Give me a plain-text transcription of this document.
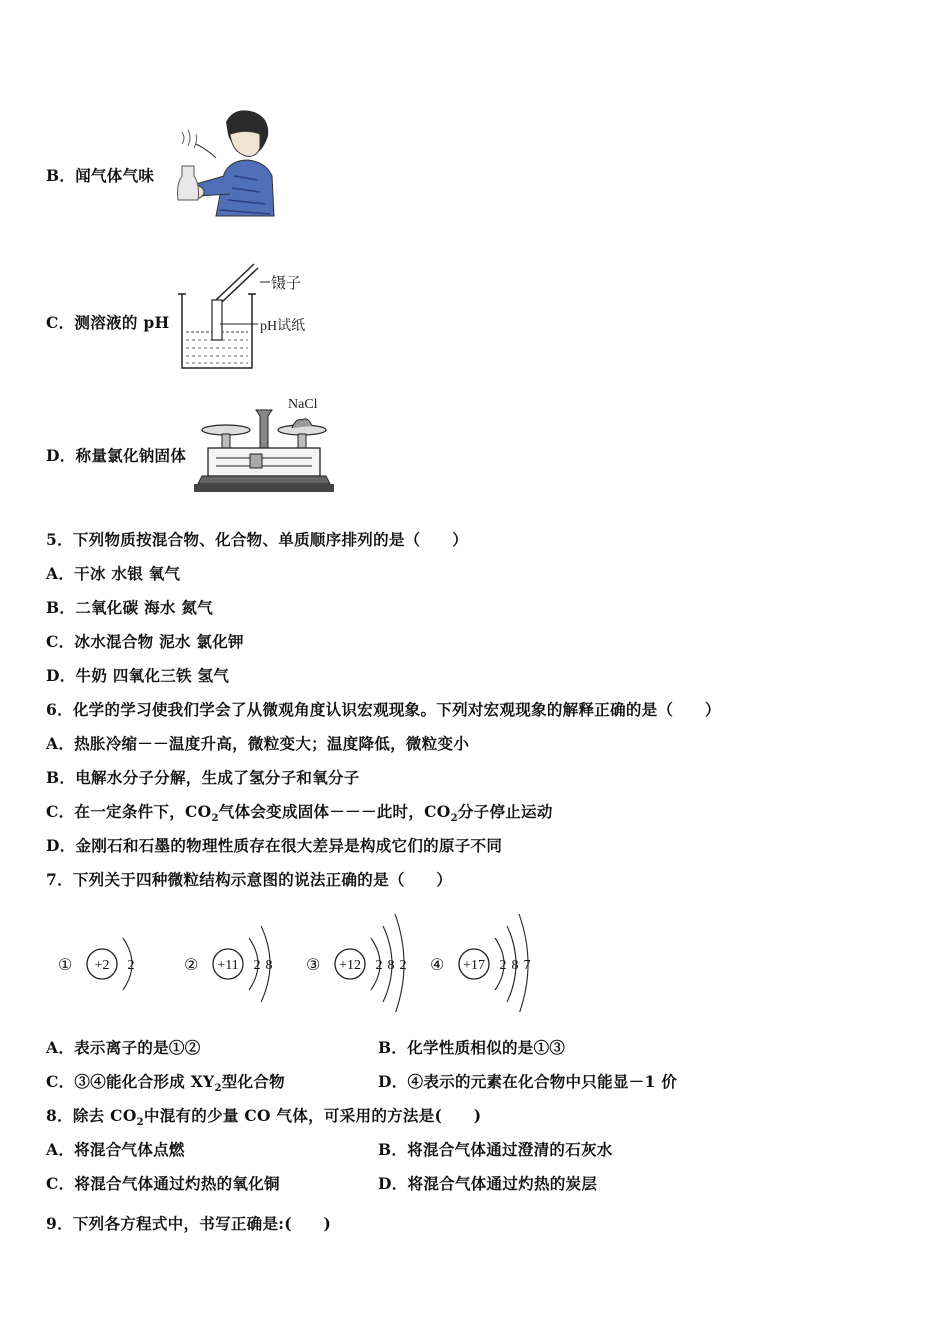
B．闻气体气味
C．测溶液的 pH
镊子
pH试纸
D．称量氯化钠固体
NaCl
5．下列物质按混合物、化合物、单质顺序排列的是（　　）
A．干冰 水银 氧气
B．二氧化碳 海水 氮气
C．冰水混合物 泥水 氯化钾
D．牛奶 四氧化三铁 氢气
6．化学的学习使我们学会了从微观角度认识宏观现象。下列对宏观现象的解释正确的是（　　）
A．热胀冷缩－－温度升高，微粒变大；温度降低，微粒变小
B．电解水分子分解，生成了氢分子和氧分子
C．在一定条件下，$CO_2$气体会变成固体－－－此时，$CO_2$分子停止运动
D．金刚石和石墨的物理性质存在很大差异是构成它们的原子不同
7．下列关于四种微粒结构示意图的说法正确的是（　　）
① +2 2	② +11 2 8 ③ +12 2 8 2 ④ +17 2 8 7
A．表示离子的是①②	B．化学性质相似的是①③
C．③④能化合形成 $XY_2$型化合物	D．④表示的元素在化合物中只能显－1 价
8．除去 $CO_2$中混有的少量 CO 气体，可采用的方法是(　　)
A．将混合气体点燃	B．将混合气体通过澄清的石灰水
C．将混合气体通过灼热的氧化铜	D．将混合气体通过灼热的炭层
9．下列各方程式中，书写正确是:(　　)
